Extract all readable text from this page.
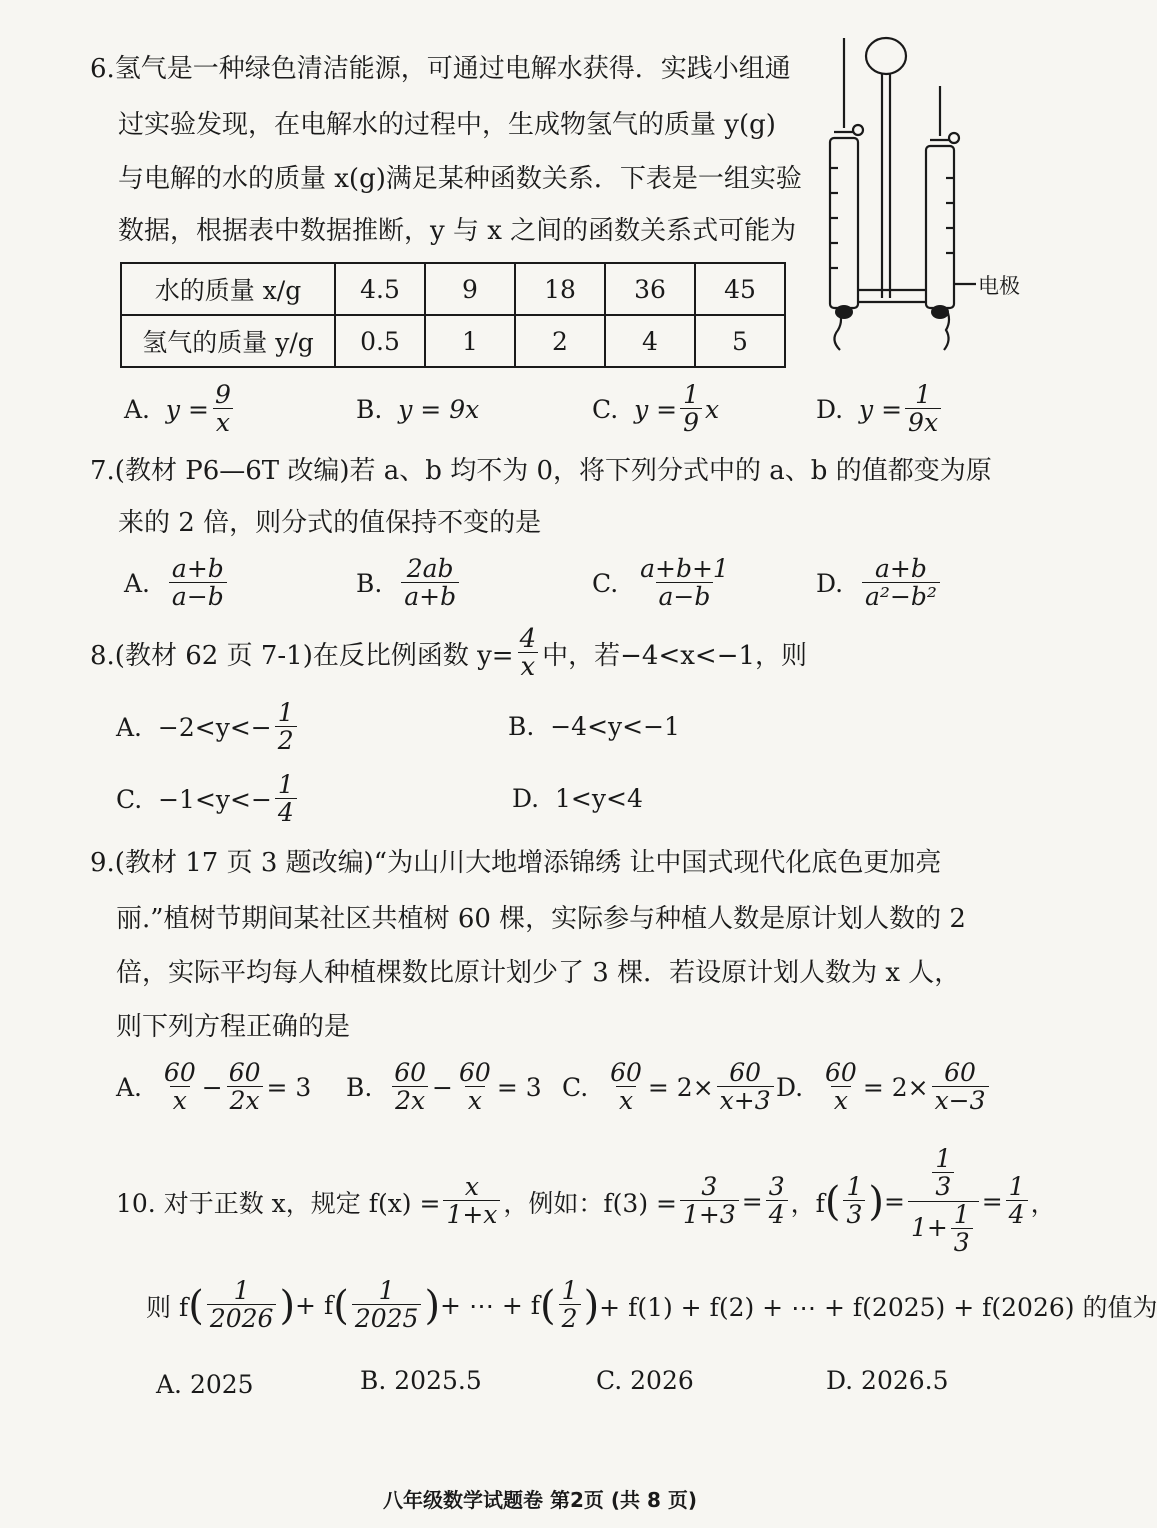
6.氢气是一种绿色清洁能源，可通过电解水获得．实践小组通
过实验发现，在电解水的过程中，生成物氢气的质量 y(g)
与电解的水的质量 x(g)满足某种函数关系．下表是一组实验
数据，根据表中数据推断，y 与 x 之间的函数关系式可能为
水的质量 x/g	4.5	9	18	36	45
氢气的质量 y/g	0.5	1	2	4	5
电极
A.
$y = \frac{9}{x}$	B.
y = 9x	C.
$y = \frac{1}{9}$ x	D.
$y = \frac{1}{9x}$
7.(教材 P6—6T 改编)若 a、b 均不为 0，将下列分式中的 a、b 的值都变为原
来的 2 倍，则分式的值保持不变的是
A.
$\frac{a+b}{a-b}$	B.
$\frac{2ab}{a+b}$	C.
$\frac{a+b+1}{a-b}$	D.
$\frac{a+b}{\text{a²−b²}}$
8.(教材 62 页 7-1)在反比例函数 $y= \frac{4}{x}$ 中，若−4<x<−1，则
A.
$-2<y<- \frac{1}{2}$	B.
−4<y<−1
C.
$-1<y<- \frac{1}{4}$	D.
1<y<4
9.(教材 17 页 3 题改编)“为山川大地增添锦绣 让中国式现代化底色更加亮
丽.”植树节期间某社区共植树 60 棵，实际参与种植人数是原计划人数的 2
倍，实际平均每人种植棵数比原计划少了 3 棵．若设原计划人数为 x 人，
则下列方程正确的是
A.
$\frac{60}{x} - \frac{60}{2x} = 3$ B.
$\frac{60}{2x} - \frac{60}{x} = 3$ C.
$\frac{60}{x} = 2\times \frac{60}{x+3} D$.
$\frac{60}{x} = 2\times \frac{60}{x-3}$
10. 对于正数 x，规定 $f(x) = \frac{x}{1+x}$ ，例如：$f(3) = \frac{3}{1+3} = \frac{3}{4}$ ，f ( $\frac{1}{3}$ ) = $\frac{\frac{1}{3}}{1+ \frac{1}{3}} = \frac{1}{4}$ ，
则 f ( $\frac{1}{2026}$ ) + f ( $\frac{1}{2025}$ ) + ⋯ + f ( $\frac{1}{2}$ ) + f(1) + f(2) + ⋯ + f(2025) + f(2026) 的值为
A. 2025	B. 2025.5	C. 2026	D. 2026.5
八年级数学试题卷 第2页 (共 8 页)
